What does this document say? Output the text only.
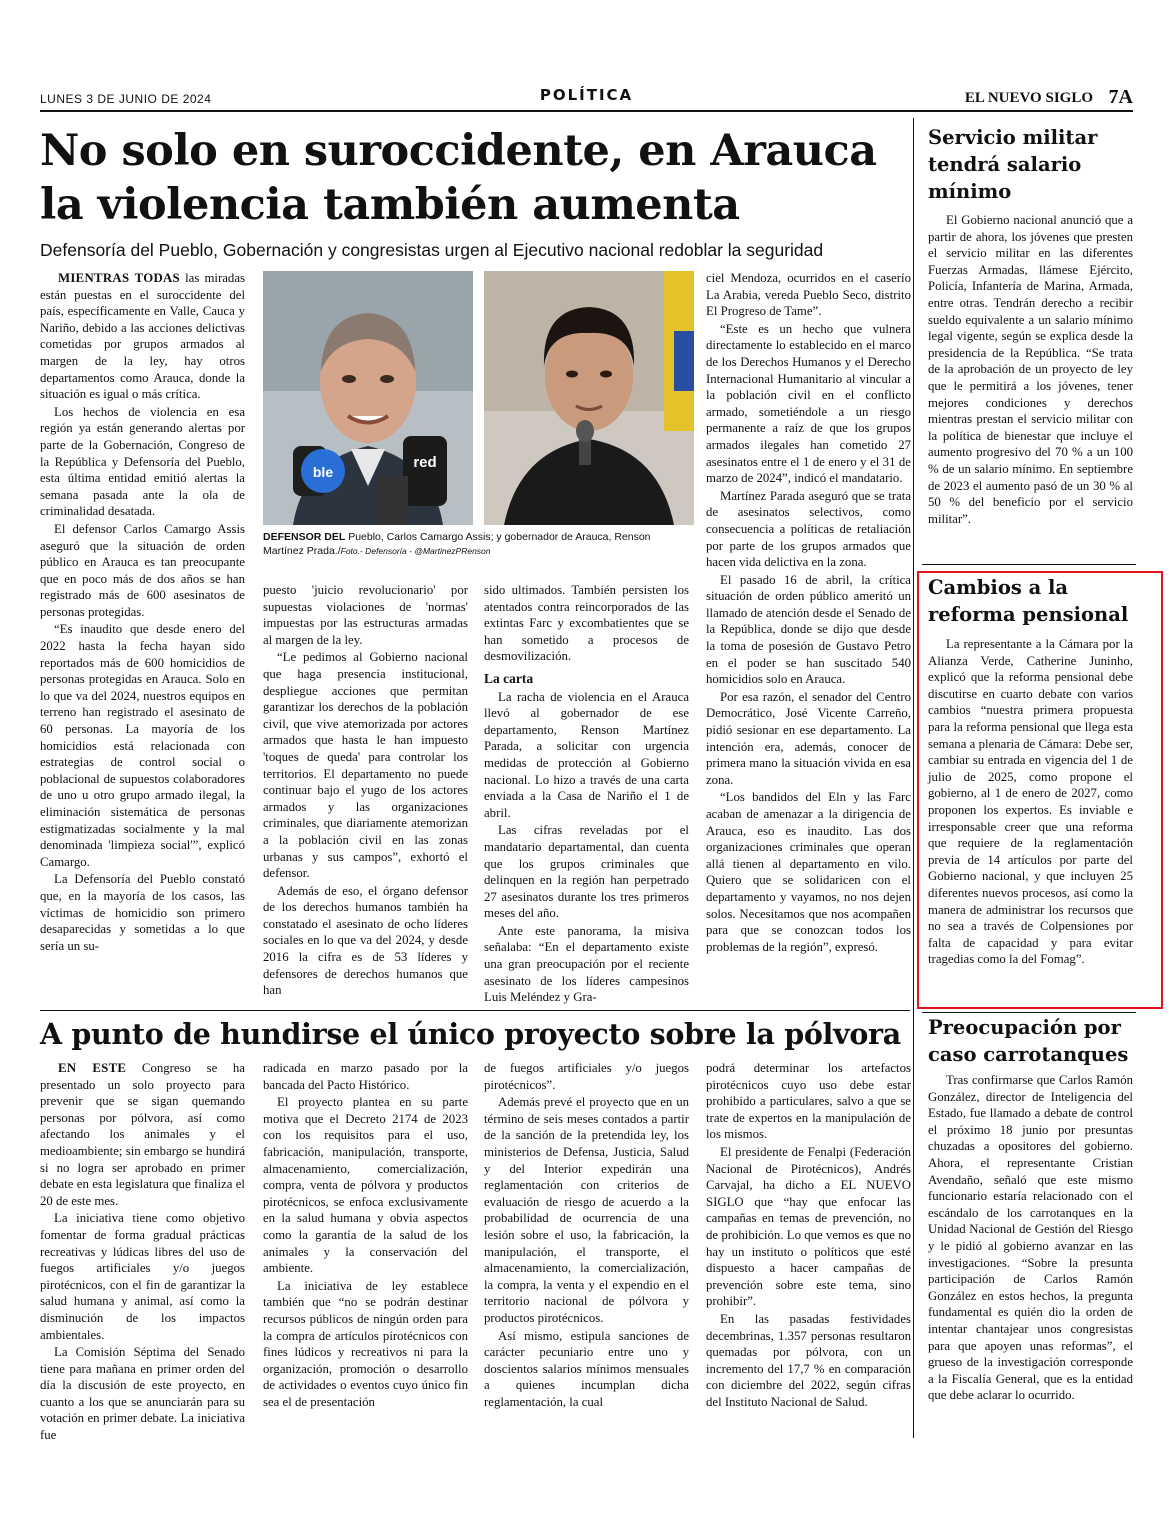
LUNES 3 DE JUNIO DE 2024	POLÍTICA	EL NUEVO SIGLO 7A
No solo en suroccidente, en Arauca la violencia también aumenta
Defensoría del Pueblo, Gobernación y congresistas urgen al Ejecutivo nacional redoblar la seguridad

MIENTRAS TODAS las miradas están puestas en el suroccidente del país, específicamente en Valle, Cauca y Nariño, debido a las acciones delictivas cometidas por grupos armados al margen de la ley, hay otros departamentos como Arauca, donde la situación es igual o más crítica.

Los hechos de violencia en esa región ya están generando alertas por parte de la Gobernación, Congreso de la República y Defensoría del Pueblo, esta última entidad emitió alertas la semana pasada ante la ola de criminalidad desatada.

El defensor Carlos Camargo Assis aseguró que la situación de orden público en Arauca es tan preocupante que en poco más de dos años se han registrado más de 600 asesinatos de personas protegidas.

“Es inaudito que desde enero del 2022 hasta la fecha hayan sido reportados más de 600 homicidios de personas protegidas en Arauca. Solo en lo que va del 2024, nuestros equipos en terreno han registrado el asesinato de 60 personas. La mayoría de los homicidios está relacionada con estrategias de control social o poblacional de supuestos colaboradores de uno u otro grupo armado ilegal, la eliminación sistemática de personas estigmatizadas socialmente y la mal denominada 'limpieza social'”, explicó Camargo.

La Defensoría del Pueblo constató que, en la mayoría de los casos, las víctimas de homicidio son primero desaparecidas y sometidas a lo que sería un su-

ble
red
DEFENSOR DEL Pueblo, Carlos Camargo Assis; y gobernador de Arauca, Renson Martínez Prada./Foto.- Defensoría - @MartinezPRenson

puesto 'juicio revolucionario' por supuestas violaciones de 'normas' impuestas por las estructuras armadas al margen de la ley.

“Le pedimos al Gobierno nacional que haga presencia institucional, despliegue acciones que permitan garantizar los derechos de la población civil, que vive atemorizada por actores armados que hasta le han impuesto 'toques de queda' para controlar los territorios. El departamento no puede continuar bajo el yugo de los actores armados y las organizaciones criminales, que diariamente atemorizan a la población civil en las zonas urbanas y sus campos”, exhortó el defensor.

Además de eso, el órgano defensor de los derechos humanos también ha constatado el asesinato de ocho líderes sociales en lo que va del 2024, y desde 2016 la cifra es de 53 líderes y defensores de derechos humanos que han

sido ultimados. También persisten los atentados contra reincorporados de las extintas Farc y excombatientes que se han sometido a procesos de desmovilización.

La carta

La racha de violencia en el Arauca llevó al gobernador de ese departamento, Renson Martínez Parada, a solicitar con urgencia medidas de protección al Gobierno nacional. Lo hizo a través de una carta enviada a la Casa de Nariño el 1 de abril.

Las cifras reveladas por el mandatario departamental, dan cuenta que los grupos criminales que delinquen en la región han perpetrado 27 asesinatos durante los tres primeros meses del año.

Ante este panorama, la misiva señalaba: “En el departamento existe una gran preocupación por el reciente asesinato de los líderes campesinos Luis Meléndez y Gra-

ciel Mendoza, ocurridos en el caserío La Arabia, vereda Pueblo Seco, distrito El Progreso de Tame”.

“Este es un hecho que vulnera directamente lo establecido en el marco de los Derechos Humanos y el Derecho Internacional Humanitario al vincular a la población civil en el conflicto armado, sometiéndole a un riesgo permanente a raíz de que los grupos armados ilegales han cometido 27 asesinatos entre el 1 de enero y el 31 de marzo de 2024”, indicó el mandatario.

Martínez Parada aseguró que se trata de asesinatos selectivos, como consecuencia a políticas de retaliación por parte de los grupos armados que hacen vida delictiva en la zona.

El pasado 16 de abril, la crítica situación de orden público ameritó un llamado de atención desde el Senado de la República, donde se dijo que desde la toma de posesión de Gustavo Petro en el poder se han suscitado 540 homicidios solo en Arauca.

Por esa razón, el senador del Centro Democrático, José Vicente Carreño, pidió sesionar en ese departamento. La intención era, además, conocer de primera mano la situación vivida en esa zona.

“Los bandidos del Eln y las Farc acaban de amenazar a la dirigencia de Arauca, eso es inaudito. Las dos organizaciones criminales que operan allá tienen al departamento en vilo. Quiero que se solidaricen con el departamento y vayamos, no nos dejen solos. Necesitamos que nos acompañen para que se conozcan todos los problemas de la región”, expresó.

A punto de hundirse el único proyecto sobre la pólvora

EN ESTE Congreso se ha presentado un solo proyecto para prevenir que se sigan quemando personas por pólvora, así como afectando los animales y el medioambiente; sin embargo se hundirá si no logra ser aprobado en primer debate en esta legislatura que finaliza el 20 de este mes.

La iniciativa tiene como objetivo fomentar de forma gradual prácticas recreativas y lúdicas libres del uso de fuegos artificiales y/o juegos pirotécnicos, con el fin de garantizar la salud humana y animal, así como la disminución de los impactos ambientales.

La Comisión Séptima del Senado tiene para mañana en primer orden del día la discusión de este proyecto, en cuanto a los que se anunciarán para su votación en primer debate. La iniciativa fue

radicada en marzo pasado por la bancada del Pacto Histórico.

El proyecto plantea en su parte motiva que el Decreto 2174 de 2023 con los requisitos para el uso, fabricación, manipulación, transporte, almacenamiento, comercialización, compra, venta de pólvora y productos pirotécnicos, se enfoca exclusivamente en la salud humana y obvia aspectos como la garantía de la salud de los animales y la conservación del ambiente.

La iniciativa de ley establece también que “no se podrán destinar recursos públicos de ningún orden para la compra de artículos pirotécnicos con fines lúdicos y recreativos ni para la organización, promoción o desarrollo de actividades o eventos cuyo único fin sea el de presentación

de fuegos artificiales y/o juegos pirotécnicos”.

Además prevé el proyecto que en un término de seis meses contados a partir de la sanción de la pretendida ley, los ministerios de Defensa, Justicia, Salud y del Interior expedirán una reglamentación con criterios de evaluación de riesgo de acuerdo a la probabilidad de ocurrencia de una lesión sobre el uso, la fabricación, la manipulación, el transporte, el almacenamiento, la comercialización, la compra, la venta y el expendio en el territorio nacional de pólvora y productos pirotécnicos.

Así mismo, estipula sanciones de carácter pecuniario entre uno y doscientos salarios mínimos mensuales a quienes incumplan dicha reglamentación, la cual

podrá determinar los artefactos pirotécnicos cuyo uso debe estar prohibido a particulares, salvo a que se trate de expertos en la manipulación de los mismos.

El presidente de Fenalpi (Federación Nacional de Pirotécnicos), Andrés Carvajal, ha dicho a EL NUEVO SIGLO que “hay que enfocar las campañas en temas de prevención, no de prohibición. Lo que vemos es que no hay un instituto o políticos que esté dispuesto a hacer campañas de prevención sobre este tema, sino prohibir”.

En las pasadas festividades decembrinas, 1.357 personas resultaron quemadas por pólvora, con un incremento del 17,7 % en comparación con diciembre del 2022, según cifras del Instituto Nacional de Salud.

Servicio militar tendrá salario mínimo

El Gobierno nacional anunció que a partir de ahora, los jóvenes que presten el servicio militar en las diferentes Fuerzas Armadas, llámese Ejército, Policía, Infantería de Marina, Armada, entre otras. Tendrán derecho a recibir sueldo equivalente a un salario mínimo legal vigente, según se explica desde la presidencia de la República. “Se trata de la aprobación de un proyecto de ley que le permitirá a los jóvenes, tener mejores condiciones y derechos mientras prestan el servicio militar con la política de bienestar que incluye el aumento progresivo del 70 % a un 100 % de un salario mínimo. En septiembre de 2023 el aumento pasó de un 30 % al 50 % del beneficio por el servicio militar”.

Cambios a la reforma pensional

La representante a la Cámara por la Alianza Verde, Catherine Juninho, explicó que la reforma pensional debe discutirse en cuarto debate con varios cambios “nuestra primera propuesta para la reforma pensional que llega esta semana a plenaria de Cámara: Debe ser, cambiar su entrada en vigencia del 1 de julio de 2025, como propone el gobierno, al 1 de enero de 2027, como proponen los expertos. Es inviable e irresponsable creer que una reforma que requiere de la reglamentación previa de 14 artículos por parte del Gobierno nacional, y que incluyen 25 diferentes nuevos procesos, así como la manera de administrar los recursos que no sea a través de Colpensiones por falta de capacidad y para evitar tragedias como la del Fomag”.

Preocupación por caso carrotanques

Tras confirmarse que Carlos Ramón González, director de Inteligencia del Estado, fue llamado a debate de control el próximo 18 junio por presuntas chuzadas a opositores del gobierno. Ahora, el representante Cristian Avendaño, señaló que este mismo funcionario estaría relacionado con el escándalo de los carrotanques en la Unidad Nacional de Gestión del Riesgo y le pidió al gobierno avanzar en las investigaciones. “Sobre la presunta participación de Carlos Ramón González en estos hechos, la pregunta fundamental es quién dio la orden de intentar chantajear unos congresistas para que apoyen unas reformas”, el grueso de la investigación corresponde a la Fiscalía General, que es la entidad que debe aclarar lo ocurrido.
